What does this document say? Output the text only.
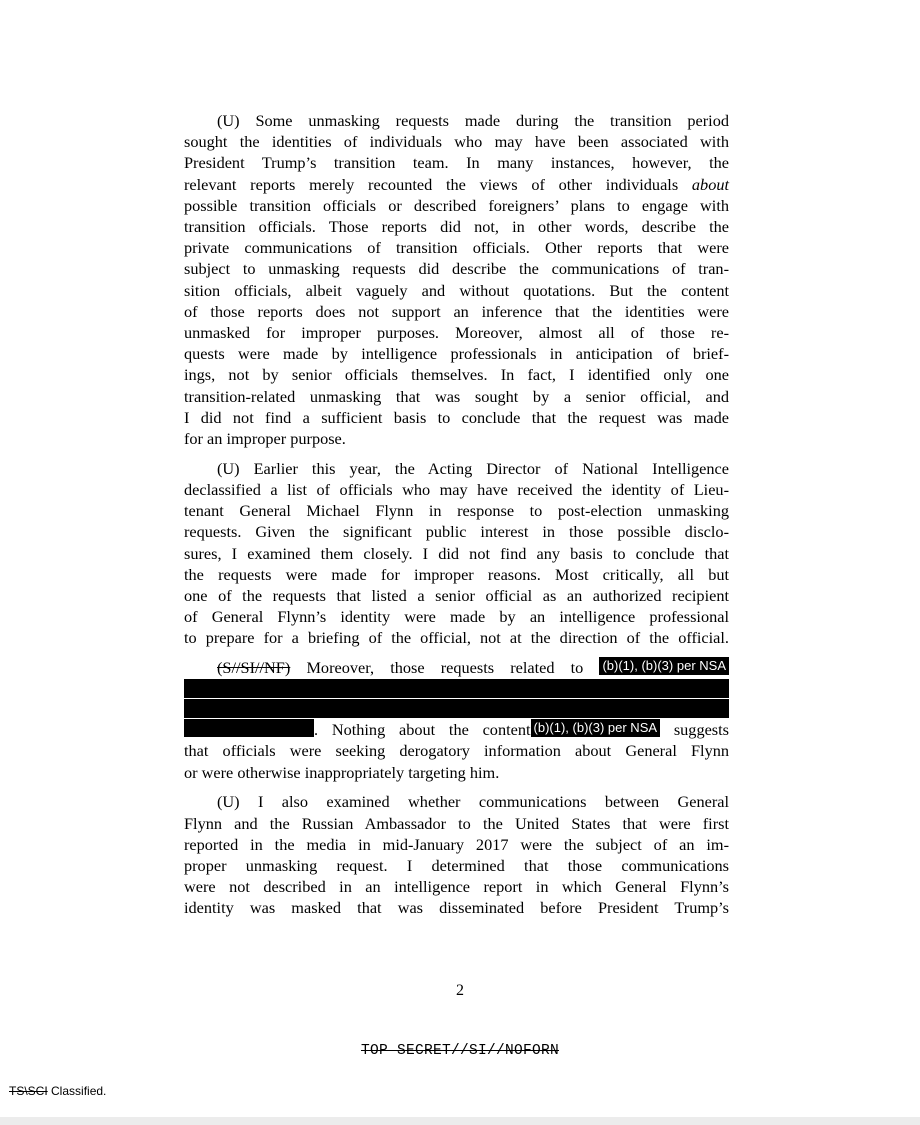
(U) Some unmasking requests made during the transition period
sought the identities of individuals who may have been associated with
President Trump’s transition team. In many instances, however, the
relevant reports merely recounted the views of other individuals about
possible transition officials or described foreigners’ plans to engage with
transition officials. Those reports did not, in other words, describe the
private communications of transition officials. Other reports that were
subject to unmasking requests did describe the communications of tran-
sition officials, albeit vaguely and without quotations. But the content
of those reports does not support an inference that the identities were
unmasked for improper purposes. Moreover, almost all of those re-
quests were made by intelligence professionals in anticipation of brief-
ings, not by senior officials themselves. In fact, I identified only one
transition-related unmasking that was sought by a senior official, and
I did not find a sufficient basis to conclude that the request was made
for an improper purpose.
(U) Earlier this year, the Acting Director of National Intelligence
declassified a list of officials who may have received the identity of Lieu-
tenant General Michael Flynn in response to post-election unmasking
requests. Given the significant public interest in those possible disclo-
sures, I examined them closely. I did not find any basis to conclude that
the requests were made for improper reasons. Most critically, all but
one of the requests that listed a senior official as an authorized recipient
of General Flynn’s identity were made by an intelligence professional
to prepare for a briefing of the official, not at the direction of the official.
(S//SI//NF) Moreover, those requests related to (b)(1), (b)(3) per NSA
. Nothing about the content (b)(1), (b)(3) per NSA suggests
that officials were seeking derogatory information about General Flynn
or were otherwise inappropriately targeting him.
(U) I also examined whether communications between General
Flynn and the Russian Ambassador to the United States that were first
reported in the media in mid-January 2017 were the subject of an im-
proper unmasking request. I determined that those communications
were not described in an intelligence report in which General Flynn’s
identity was masked that was disseminated before President Trump’s
2
TOP SECRET//SI//NOFORN
TS\SCI Classified.
